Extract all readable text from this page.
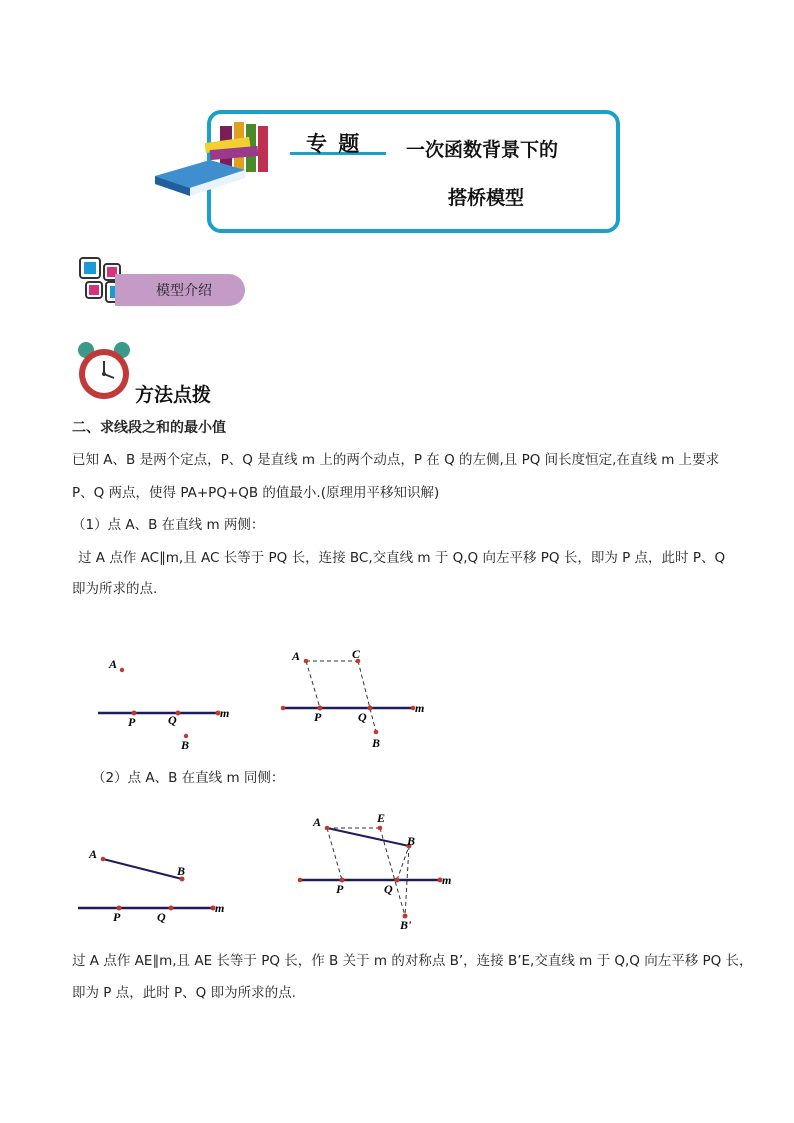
专 题 一次函数背景下的
搭桥模型
模型介绍
方法点拨
二、求线段之和的最小值
已知 A、B 是两个定点，P、Q 是直线 m 上的两个动点，P 在 Q 的左侧,且 PQ 间长度恒定,在直线 m 上要求
P、Q 两点，使得 PA+PQ+QB 的值最小.(原理用平移知识解)
（1）点 A、B 在直线 m 两侧：
过 A 点作 AC∥m,且 AC 长等于 PQ 长，连接 BC,交直线 m 于 Q,Q 向左平移 PQ 长，即为 P 点，此时 P、Q
即为所求的点.
（2）点 A、B 在直线 m 同侧：
过 A 点作 AE∥m,且 AE 长等于 PQ 长，作 B 关于 m 的对称点 B’，连接 B’E,交直线 m 于 Q,Q 向左平移 PQ 长，
即为 P 点，此时 P、Q 即为所求的点.
A
P	Q	m
B
A	C
P	Q
m
B
A
B
P	Q
m
A	E
B
P	Q
m
B'
